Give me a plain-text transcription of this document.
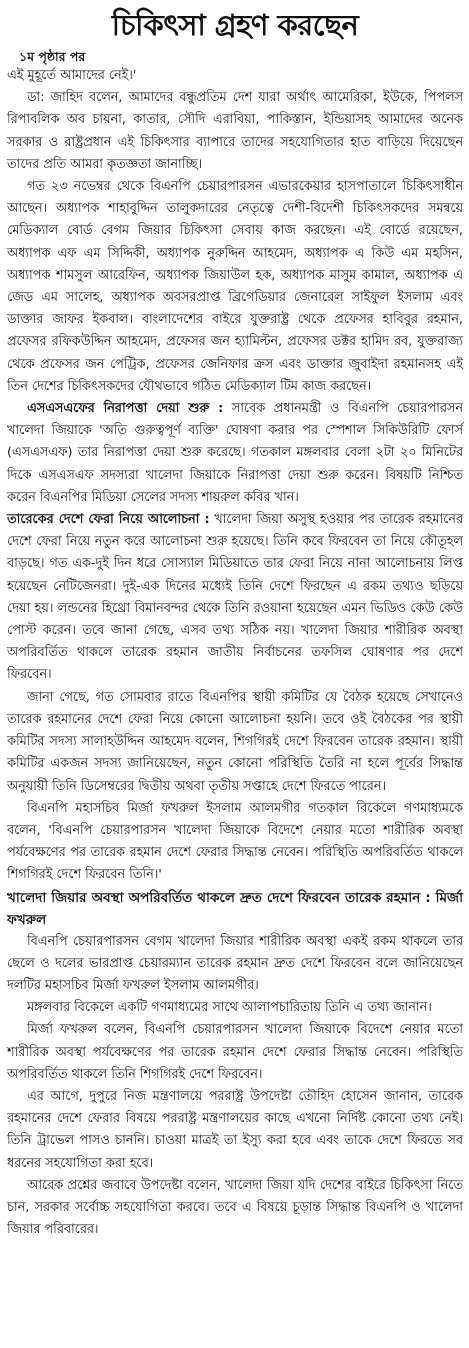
চিকিৎসা গ্রহণ করছেন
১ম পৃষ্ঠার পর

এই মুহূর্তে আমাদের নেই।'

ডা: জাহিদ বলেন, আমাদের বন্ধুপ্রতিম দেশ যারা অর্থাৎ আমেরিকা, ইউকে, পিপলস রিপাবলিক অব চায়না, কাতার, সৌদি এরাবিয়া, পাকিস্তান, ইন্ডিয়াসহ আমাদের অনেক সরকার ও রাষ্ট্রপ্রধান এই চিকিৎসার ব্যাপারে তাদের সহযোগিতার হাত বাড়িয়ে দিয়েছেন তাদের প্রতি আমরা কৃতজ্ঞতা জানাচ্ছি।

গত ২৩ নভেম্বর থেকে বিএনপি চেয়ারপারসন এভারকেয়ার হাসপাতালে চিকিৎসাধীন আছেন। অধ্যাপক শাহাবুদ্দিন তালুকদারের নেতৃত্বে দেশী-বিদেশী চিকিৎসকদের সমন্বয়ে মেডিক্যাল বোর্ড বেগম জিয়ার চিকিৎসা সেবায় কাজ করছেন। এই বোর্ডে রয়েছেন, অধ্যাপক এফ এম সিদ্দিকী, অধ্যাপক নুরুদ্দিন আহমেদ, অধ্যাপক এ কিউ এম মহসিন, অধ্যাপক শামসুল আরেফিন, অধ্যাপক জিয়াউল হক, অধ্যাপক মাসুম কামাল, অধ্যাপক এ জেড এম সালেহ, অধ্যাপক অবসরপ্রাপ্ত ব্রিগেডিয়ার জেনারেল সাইফুল ইসলাম এবং ডাক্তার জাফর ইকবাল। বাংলাদেশের বাইরে যুক্তরাষ্ট্র থেকে প্রফেসর হাবিবুর রহমান, প্রফেসর রফিকউদ্দিন আহমেদ, প্রফেসর জন হ্যামিল্টন, প্রফেসর ডক্টর হামিদ রব, যুক্তরাজ্য থেকে প্রফেসর জন পেট্রিক, প্রফেসর জেনিফার ক্রস এবং ডাক্তার জুবাইদা রহমানসহ এই তিন দেশের চিকিৎসকদের যৌথভাবে গঠিত মেডিক্যাল টিম কাজ করছেন।

এসএসএফের নিরাপত্তা দেয়া শুরু : সাবেক প্রধানমন্ত্রী ও বিএনপি চেয়ারপারসন খালেদা জিয়াকে 'অতি গুরুত্বপূর্ণ ব্যক্তি' ঘোষণা করার পর স্পেশাল সিকিউরিটি ফোর্স (এসএসএফ) তার নিরাপত্তা দেয়া শুরু করেছে। গতকাল মঙ্গলবার বেলা ২টা ২০ মিনিটের দিকে এসএসএফ সদস্যরা খালেদা জিয়াকে নিরাপত্তা দেয়া শুরু করেন। বিষয়টি নিশ্চিত করেন বিএনপির মিডিয়া সেলের সদস্য শায়রুল কবির খান।

তারেকের দেশে ফেরা নিয়ে আলোচনা : খালেদা জিয়া অসুস্থ হওয়ার পর তারেক রহমানের দেশে ফেরা নিয়ে নতুন করে আলোচনা শুরু হয়েছে। তিনি কবে ফিরবেন তা নিয়ে কৌতূহল বাড়ছে। গত এক-দুই দিন ধরে সোস্যাল মিডিয়াতে তার ফেরা নিয়ে নানা আলোচনায় লিপ্ত হয়েছেন নেটিজেনরা। দুই-এক দিনের মধ্যেই তিনি দেশে ফিরছেন এ রকম তথ্যও ছড়িয়ে দেয়া হয়। লন্ডনের হিথ্রো বিমানবন্দর থেকে তিনি রওয়ানা হয়েছেন এমন ভিডিও কেউ কেউ পোস্ট করেন। তবে জানা গেছে, এসব তথ্য সঠিক নয়। খালেদা জিয়ার শারীরিক অবস্থা অপরিবর্তিত থাকলে তারেক রহমান জাতীয় নির্বাচনের তফসিল ঘোষণার পর দেশে ফিরবেন।

জানা গেছে, গত সোমবার রাতে বিএনপির স্থায়ী কমিটির যে বৈঠক হয়েছে সেখানেও তারেক রহমানের দেশে ফেরা নিয়ে কোনো আলোচনা হয়নি। তবে ওই বৈঠকের পর স্থায়ী কমিটির সদস্য সালাহউদ্দিন আহমেদ বলেন, শিগগিরই দেশে ফিরবেন তারেক রহমান। স্থায়ী কমিটির একজন সদস্য জানিয়েছেন, নতুন কোনো পরিস্থিতি তৈরি না হলে পূর্বের সিদ্ধান্ত অনুযায়ী তিনি ডিসেম্বরের দ্বিতীয় অথবা তৃতীয় সপ্তাহে দেশে ফিরতে পারেন।

বিএনপি মহাসচিব মির্জা ফখরুল ইসলাম আলমগীর গতকাল বিকেলে গণমাধ্যমকে বলেন, 'বিএনপি চেয়ারপারসন খালেদা জিয়াকে বিদেশে নেয়ার মতো শারীরিক অবস্থা পর্যবেক্ষণের পর তারেক রহমান দেশে ফেরার সিদ্ধান্ত নেবেন। পরিস্থিতি অপরিবর্তিত থাকলে শিগগিরই দেশে ফিরবেন তিনি।'

খালেদা জিয়ার অবস্থা অপরিবর্তিত থাকলে দ্রুত দেশে ফিরবেন তারেক রহমান : মির্জা ফখরুল

বিএনপি চেয়ারপারসন বেগম খালেদা জিয়ার শারীরিক অবস্থা একই রকম থাকলে তার ছেলে ও দলের ভারপ্রাপ্ত চেয়ারম্যান তারেক রহমান দ্রুত দেশে ফিরবেন বলে জানিয়েছেন দলটির মহাসচিব মির্জা ফখরুল ইসলাম আলমগীর।

মঙ্গলবার বিকেলে একটি গণমাধ্যমের সাথে আলাপচারিতায় তিনি এ তথ্য জানান।

মির্জা ফখরুল বলেন, বিএনপি চেয়ারপারসন খালেদা জিয়াকে বিদেশে নেয়ার মতো শারীরিক অবস্থা পর্যবেক্ষণের পর তারেক রহমান দেশে ফেরার সিদ্ধান্ত নেবেন। পরিস্থিতি অপরিবর্তিত থাকলে তিনি শিগগিরই দেশে ফিরবেন।

এর আগে, দুপুরে নিজ মন্ত্রণালয়ে পররাষ্ট্র উপদেষ্টা তৌহিদ হোসেন জানান, তারেক রহমানের দেশে ফেরার বিষয়ে পররাষ্ট্র মন্ত্রণালয়ের কাছে এখনো নির্দিষ্ট কোনো তথ্য নেই। তিনি ট্রাভেল পাসও চাননি। চাওয়া মাত্রই তা ইস্যু করা হবে এবং তাকে দেশে ফিরতে সব ধরনের সহযোগিতা করা হবে।

আরেক প্রশ্নের জবাবে উপদেষ্টা বলেন, খালেদা জিয়া যদি দেশের বাইরে চিকিৎসা নিতে চান, সরকার সর্বোচ্চ সহযোগিতা করবে। তবে এ বিষয়ে চূড়ান্ত সিদ্ধান্ত বিএনপি ও খালেদা জিয়ার পরিবারের।
